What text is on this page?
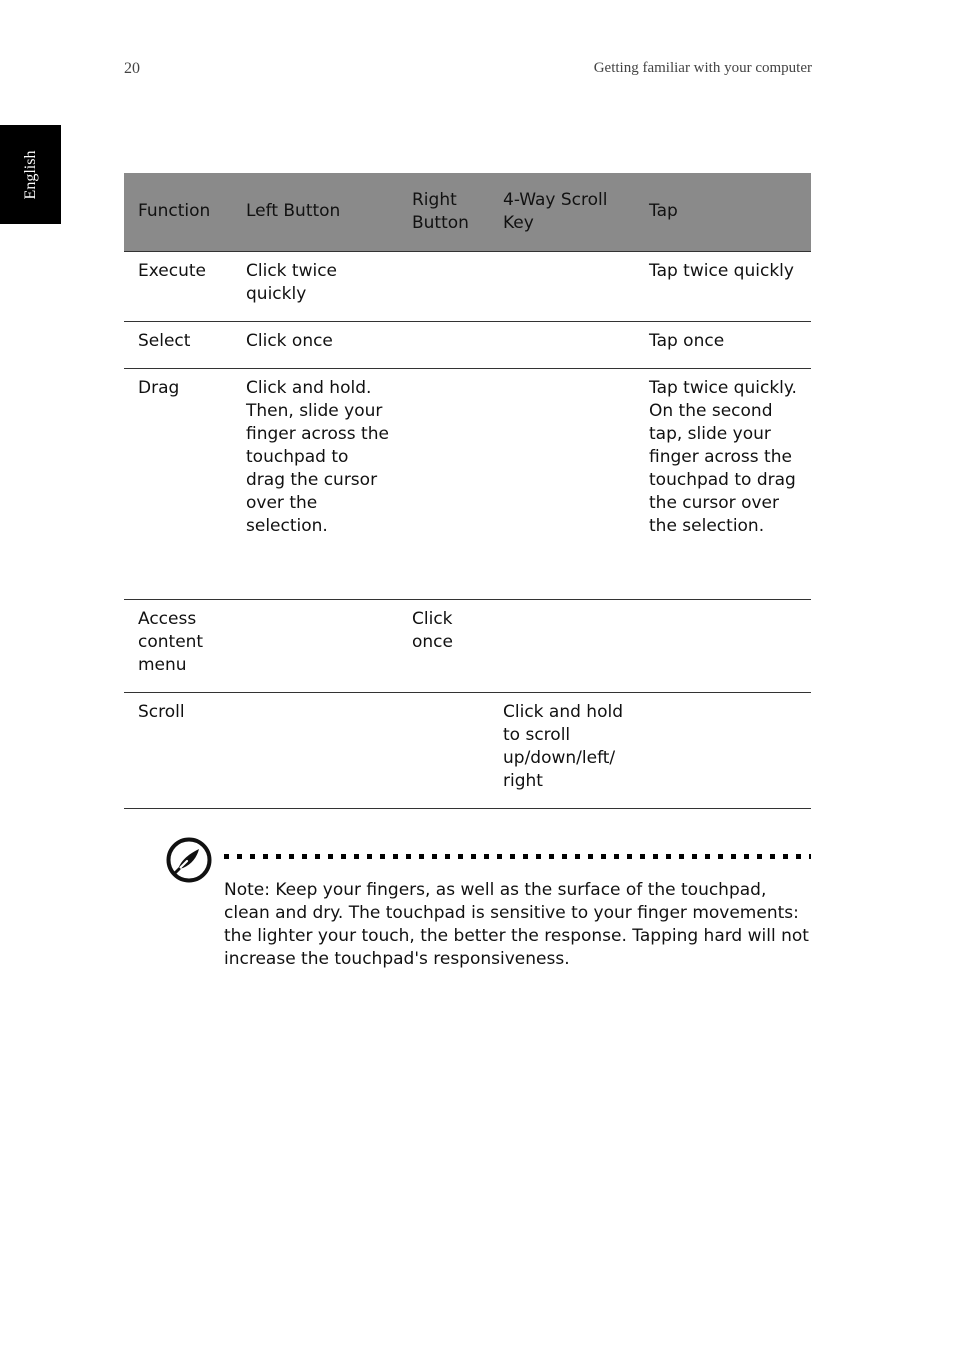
20	Getting familiar with your computer
English
Function	Left Button	Right Button	4-Way Scroll Key	Tap
Execute	Click twice quickly			Tap twice quickly
Select	Click once			Tap once
Drag	Click and hold. Then, slide your finger across the touchpad to drag the cursor over the selection.			Tap twice quickly. On the second tap, slide your finger across the touchpad to drag the cursor over the selection.
Access content menu		Click once		
Scroll			Click and hold to scroll up/down/left/ right	
Note: Keep your fingers, as well as the surface of the touchpad, clean and dry. The touchpad is sensitive to your finger movements: the lighter your touch, the better the response. Tapping hard will not increase the touchpad's responsiveness.
